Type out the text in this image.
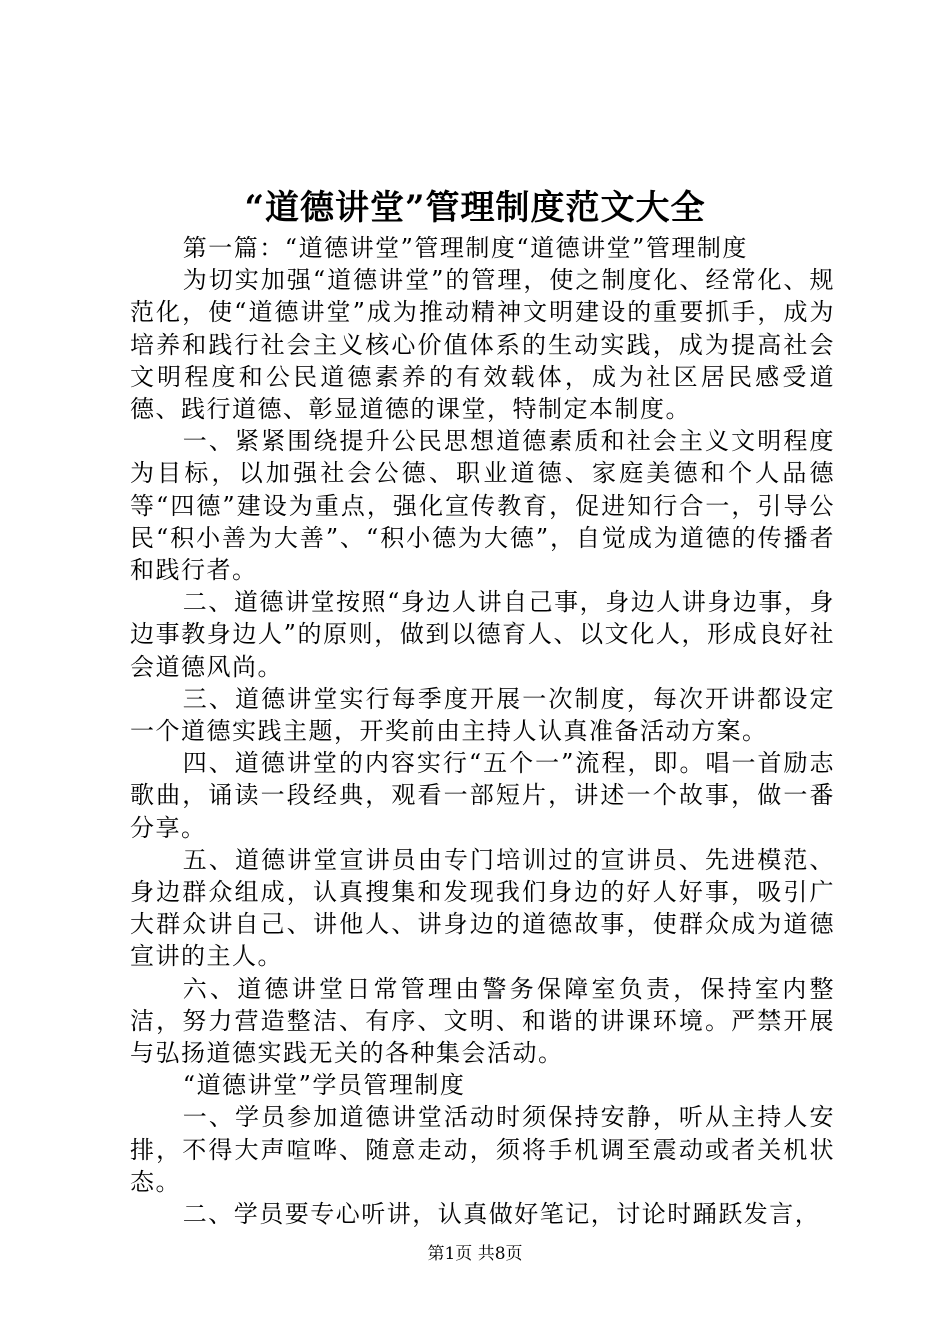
“道德讲堂”管理制度范文大全

第一篇：“道德讲堂”管理制度“道德讲堂”管理制度

为切实加强“道德讲堂”的管理，使之制度化、经常化、规范化，使“道德讲堂”成为推动精神文明建设的重要抓手，成为培养和践行社会主义核心价值体系的生动实践，成为提高社会文明程度和公民道德素养的有效载体，成为社区居民感受道德、践行道德、彰显道德的课堂，特制定本制度。

一、紧紧围绕提升公民思想道德素质和社会主义文明程度为目标，以加强社会公德、职业道德、家庭美德和个人品德等“四德”建设为重点，强化宣传教育，促进知行合一，引导公民“积小善为大善”、“积小德为大德”，自觉成为道德的传播者和践行者。

二、道德讲堂按照“身边人讲自己事，身边人讲身边事，身边事教身边人”的原则，做到以德育人、以文化人，形成良好社会道德风尚。

三、道德讲堂实行每季度开展一次制度，每次开讲都设定一个道德实践主题，开奖前由主持人认真准备活动方案。

四、道德讲堂的内容实行“五个一”流程，即。唱一首励志歌曲，诵读一段经典，观看一部短片，讲述一个故事，做一番分享。

五、道德讲堂宣讲员由专门培训过的宣讲员、先进模范、身边群众组成，认真搜集和发现我们身边的好人好事，吸引广大群众讲自己、讲他人、讲身边的道德故事，使群众成为道德宣讲的主人。

六、道德讲堂日常管理由警务保障室负责，保持室内整洁，努力营造整洁、有序、文明、和谐的讲课环境。严禁开展与弘扬道德实践无关的各种集会活动。

“道德讲堂”学员管理制度

一、学员参加道德讲堂活动时须保持安静，听从主持人安排，不得大声喧哗、随意走动，须将手机调至震动或者关机状态。

二、学员要专心听讲，认真做好笔记，讨论时踊跃发言，

第1页 共8页
